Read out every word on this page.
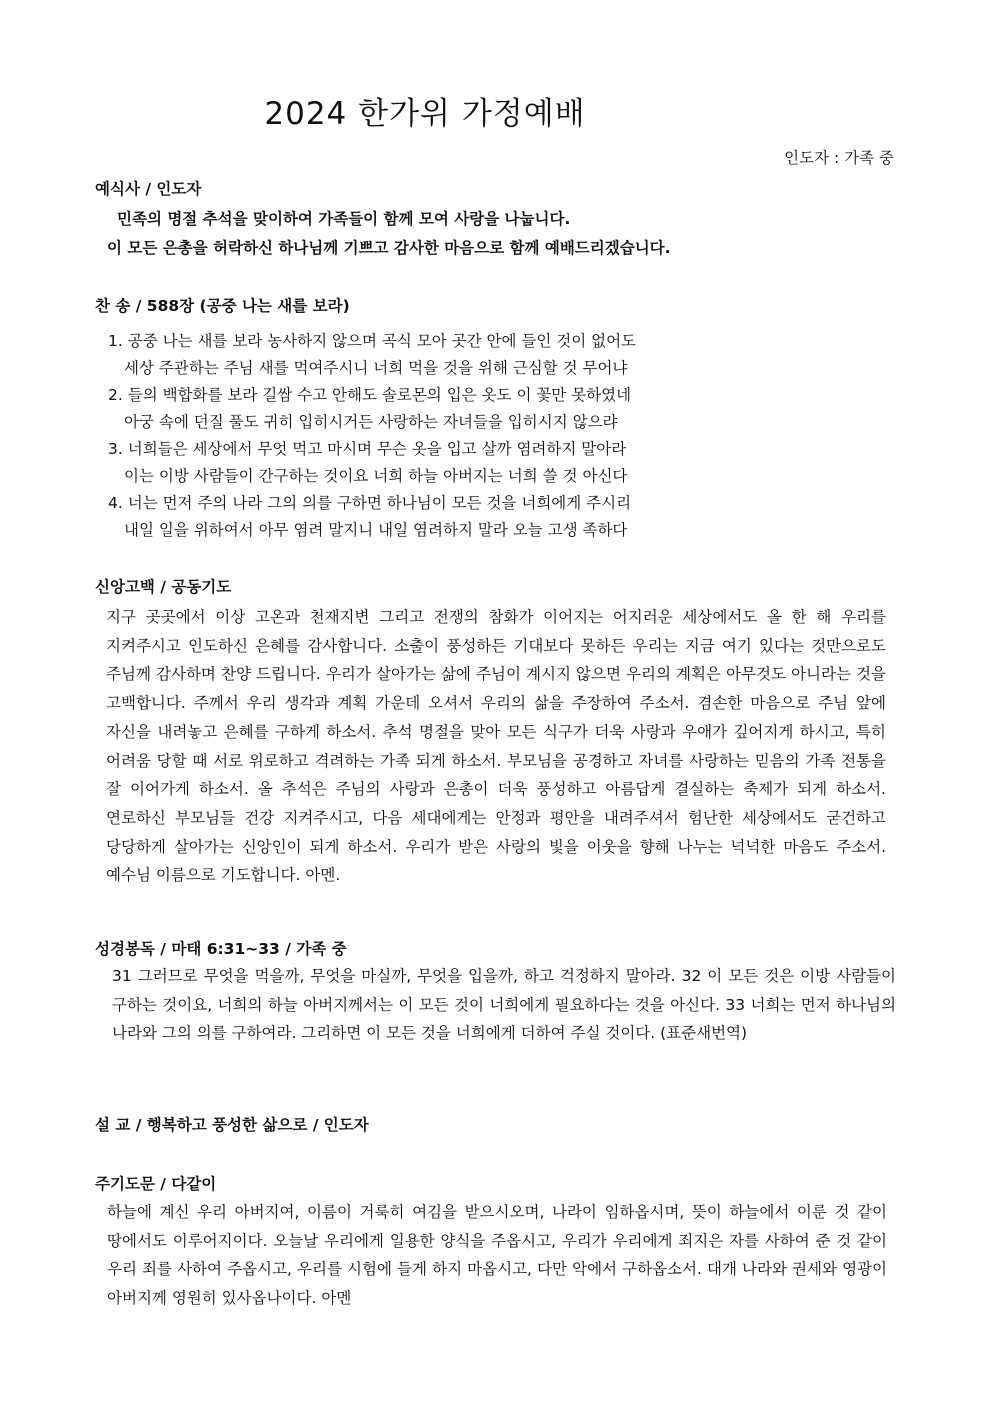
2024 한가위 가정예배
인도자 : 가족 중
예식사 / 인도자
민족의 명절 추석을 맞이하여 가족들이 함께 모여 사랑을 나눕니다.
이 모든 은총을 허락하신 하나님께 기쁘고 감사한 마음으로 함께 예배드리겠습니다.
찬 송 / 588장 (공중 나는 새를 보라)
1. 공중 나는 새를 보라 농사하지 않으며 곡식 모아 곳간 안에 들인 것이 없어도
세상 주관하는 주님 새를 먹여주시니 너희 먹을 것을 위해 근심할 것 무어냐
2. 들의 백합화를 보라 길쌈 수고 안해도 솔로몬의 입은 옷도 이 꽃만 못하였네
아궁 속에 던질 풀도 귀히 입히시거든 사랑하는 자녀들을 입히시지 않으랴
3. 너희들은 세상에서 무엇 먹고 마시며 무슨 옷을 입고 살까 염려하지 말아라
이는 이방 사람들이 간구하는 것이요 너희 하늘 아버지는 너희 쓸 것 아신다
4. 너는 먼저 주의 나라 그의 의를 구하면 하나님이 모든 것을 너희에게 주시리
내일 일을 위하여서 아무 염려 말지니 내일 염려하지 말라 오늘 고생 족하다
신앙고백 / 공동기도
지구 곳곳에서 이상 고온과 천재지변 그리고 전쟁의 참화가 이어지는 어지러운 세상에서도 올 한 해 우리를 지켜주시고 인도하신 은혜를 감사합니다. 소출이 풍성하든 기대보다 못하든 우리는 지금 여기 있다는 것만으로도 주님께 감사하며 찬양 드립니다. 우리가 살아가는 삶에 주님이 계시지 않으면 우리의 계획은 아무것도 아니라는 것을 고백합니다. 주께서 우리 생각과 계획 가운데 오셔서 우리의 삶을 주장하여 주소서. 겸손한 마음으로 주님 앞에 자신을 내려놓고 은혜를 구하게 하소서. 추석 명절을 맞아 모든 식구가 더욱 사랑과 우애가 깊어지게 하시고, 특히 어려움 당할 때 서로 위로하고 격려하는 가족 되게 하소서. 부모님을 공경하고 자녀를 사랑하는 믿음의 가족 전통을 잘 이어가게 하소서. 올 추석은 주님의 사랑과 은총이 더욱 풍성하고 아름답게 결실하는 축제가 되게 하소서. 연로하신 부모님들 건강 지켜주시고, 다음 세대에게는 안정과 평안을 내려주셔서 험난한 세상에서도 굳건하고 당당하게 살아가는 신앙인이 되게 하소서. 우리가 받은 사랑의 빛을 이웃을 향해 나누는 넉넉한 마음도 주소서. 예수님 이름으로 기도합니다. 아멘.
성경봉독 / 마태 6:31~33 / 가족 중
31 그러므로 무엇을 먹을까, 무엇을 마실까, 무엇을 입을까, 하고 걱정하지 말아라. 32 이 모든 것은 이방 사람들이 구하는 것이요, 너희의 하늘 아버지께서는 이 모든 것이 너희에게 필요하다는 것을 아신다. 33 너희는 먼저 하나님의 나라와 그의 의를 구하여라. 그리하면 이 모든 것을 너희에게 더하여 주실 것이다. (표준새번역)
설 교 / 행복하고 풍성한 삶으로 / 인도자
주기도문 / 다같이
하늘에 계신 우리 아버지여, 이름이 거룩히 여김을 받으시오며, 나라이 임하옵시며, 뜻이 하늘에서 이룬 것 같이 땅에서도 이루어지이다. 오늘날 우리에게 일용한 양식을 주옵시고, 우리가 우리에게 죄지은 자를 사하여 준 것 같이 우리 죄를 사하여 주옵시고, 우리를 시험에 들게 하지 마옵시고, 다만 악에서 구하옵소서. 대개 나라와 권세와 영광이 아버지께 영원히 있사옵나이다. 아멘
